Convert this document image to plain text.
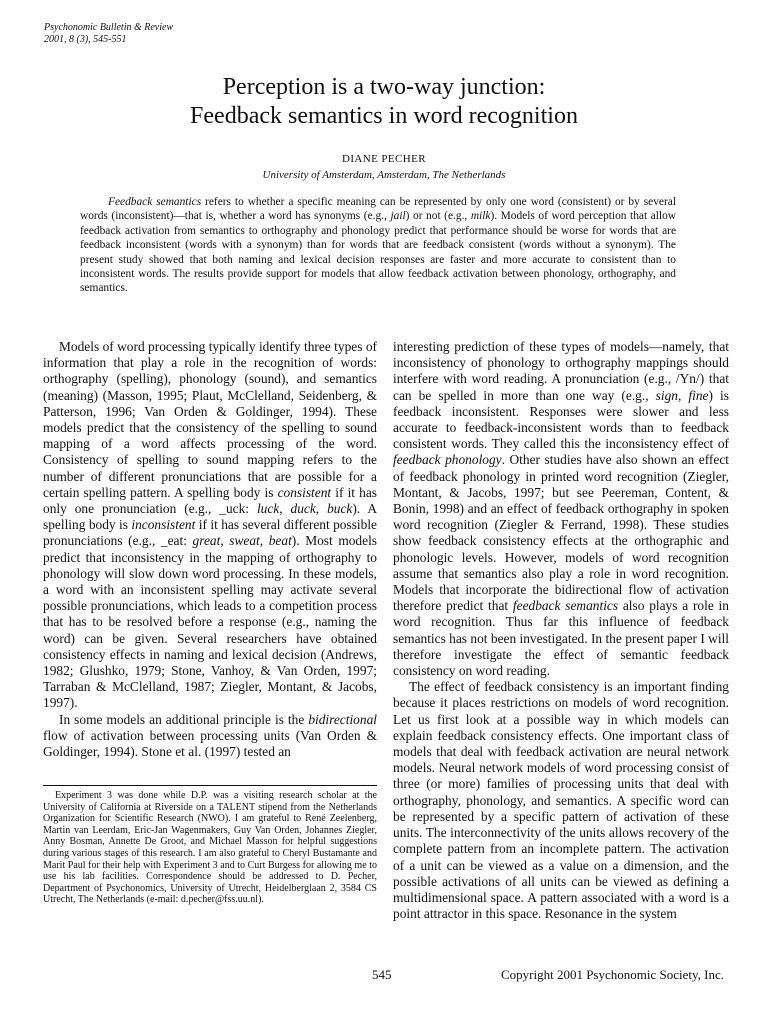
Psychonomic Bulletin & Review
2001, 8 (3), 545-551
Perception is a two-way junction:
Feedback semantics in word recognition
DIANE PECHER
University of Amsterdam, Amsterdam, The Netherlands
Feedback semantics refers to whether a specific meaning can be represented by only one word (consistent) or by several words (inconsistent)—that is, whether a word has synonyms (e.g., jail) or not (e.g., milk). Models of word perception that allow feedback activation from semantics to orthography and phonology predict that performance should be worse for words that are feedback inconsistent (words with a synonym) than for words that are feedback consistent (words without a synonym). The present study showed that both naming and lexical decision responses are faster and more accurate to consistent than to inconsistent words. The results provide support for models that allow feedback activation between phonology, orthography, and semantics.

Models of word processing typically identify three types of information that play a role in the recognition of words: orthography (spelling), phonology (sound), and semantics (meaning) (Masson, 1995; Plaut, McClelland, Seidenberg, & Patterson, 1996; Van Orden & Goldinger, 1994). These models predict that the consistency of the spelling to sound mapping of a word affects processing of the word. Consistency of spelling to sound mapping refers to the number of different pronunciations that are possible for a certain spelling pattern. A spelling body is consistent if it has only one pronunciation (e.g., _uck: luck, duck, buck). A spelling body is inconsistent if it has several different possible pronunciations (e.g., _eat: great, sweat, beat). Most models predict that inconsistency in the mapping of orthography to phonology will slow down word processing. In these models, a word with an inconsistent spelling may activate several possible pronunciations, which leads to a competition process that has to be resolved before a response (e.g., naming the word) can be given. Several researchers have obtained consistency effects in naming and lexical decision (Andrews, 1982; Glushko, 1979; Stone, Vanhoy, & Van Orden, 1997; Tarraban & McClelland, 1987; Ziegler, Montant, & Jacobs, 1997).

In some models an additional principle is the bidirectional flow of activation between processing units (Van Orden & Goldinger, 1994). Stone et al. (1997) tested an

Experiment 3 was done while D.P. was a visiting research scholar at the University of California at Riverside on a TALENT stipend from the Netherlands Organization for Scientific Research (NWO). I am grateful to René Zeelenberg, Martin van Leerdam, Eric-Jan Wagenmakers, Guy Van Orden, Johannes Ziegler, Anny Bosman, Annette De Groot, and Michael Masson for helpful suggestions during various stages of this research. I am also grateful to Cheryl Bustamante and Marit Paul for their help with Experiment 3 and to Curt Burgess for allowing me to use his lab facilities. Correspondence should be addressed to D. Pecher, Department of Psychonomics, University of Utrecht, Heidelberglaan 2, 3584 CS Utrecht, The Netherlands (e-mail: d.pecher@fss.uu.nl).

interesting prediction of these types of models—namely, that inconsistency of phonology to orthography mappings should interfere with word reading. A pronunciation (e.g., /Yn/) that can be spelled in more than one way (e.g., sign, fine) is feedback inconsistent. Responses were slower and less accurate to feedback-inconsistent words than to feedback consistent words. They called this the inconsistency effect of feedback phonology. Other studies have also shown an effect of feedback phonology in printed word recognition (Ziegler, Montant, & Jacobs, 1997; but see Peereman, Content, & Bonin, 1998) and an effect of feedback orthography in spoken word recognition (Ziegler & Ferrand, 1998). These studies show feedback consistency effects at the orthographic and phonologic levels. However, models of word recognition assume that semantics also play a role in word recognition. Models that incorporate the bidirectional flow of activation therefore predict that feedback semantics also plays a role in word recognition. Thus far this influence of feedback semantics has not been investigated. In the present paper I will therefore investigate the effect of semantic feedback consistency on word reading.

The effect of feedback consistency is an important finding because it places restrictions on models of word recognition. Let us first look at a possible way in which models can explain feedback consistency effects. One important class of models that deal with feedback activation are neural network models. Neural network models of word processing consist of three (or more) families of processing units that deal with orthography, phonology, and semantics. A specific word can be represented by a specific pattern of activation of these units. The interconnectivity of the units allows recovery of the complete pattern from an incomplete pattern. The activation of a unit can be viewed as a value on a dimension, and the possible activations of all units can be viewed as defining a multidimensional space. A pattern associated with a word is a point attractor in this space. Resonance in the system

545	Copyright 2001 Psychonomic Society, Inc.
